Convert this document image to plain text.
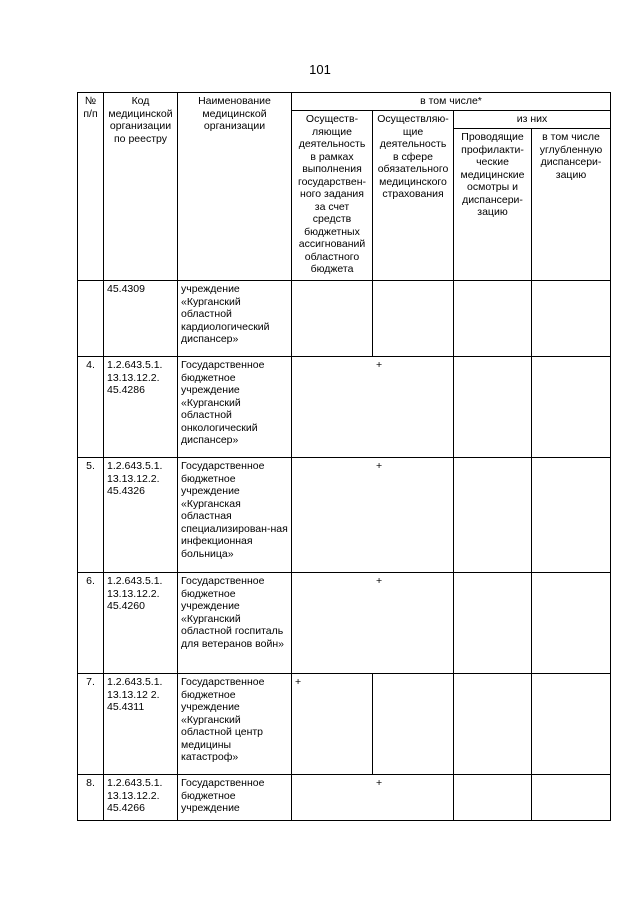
101
№ п/п	Код медицинской организации по реестру	Наименование медицинской организации	в том числе*			
			Осуществ-ляющие деятельность в рамках выполнения государствен-ного задания за счет средств бюджетных ассигнований областного бюджета	Осуществляю-щие деятельность в сфере обязательного медицинского страхования	из них	
					Проводящие профилакти-ческие медицинские осмотры и диспансери-зацию	в том числе углубленную диспансери-зацию
	45.4309	учреждение «Курганский областной кардиологический диспансер»				
4.	1.2.643.5.1. 13.13.12.2. 45.4286	Государственное бюджетное учреждение «Курганский областной онкологический диспансер»	+			
5.	1.2.643.5.1. 13.13.12.2. 45.4326	Государственное бюджетное учреждение «Курганская областная специализирован-ная инфекционная больница»	+			
6.	1.2.643.5.1. 13.13.12.2. 45.4260	Государственное бюджетное учреждение «Курганский областной госпиталь для ветеранов войн»	+			
7.	1.2.643.5.1. 13.13.12 2. 45.4311	Государственное бюджетное учреждение «Курганский областной центр медицины катастроф»	+			
8.	1.2.643.5.1. 13.13.12.2. 45.4266	Государственное бюджетное учреждение	+			
